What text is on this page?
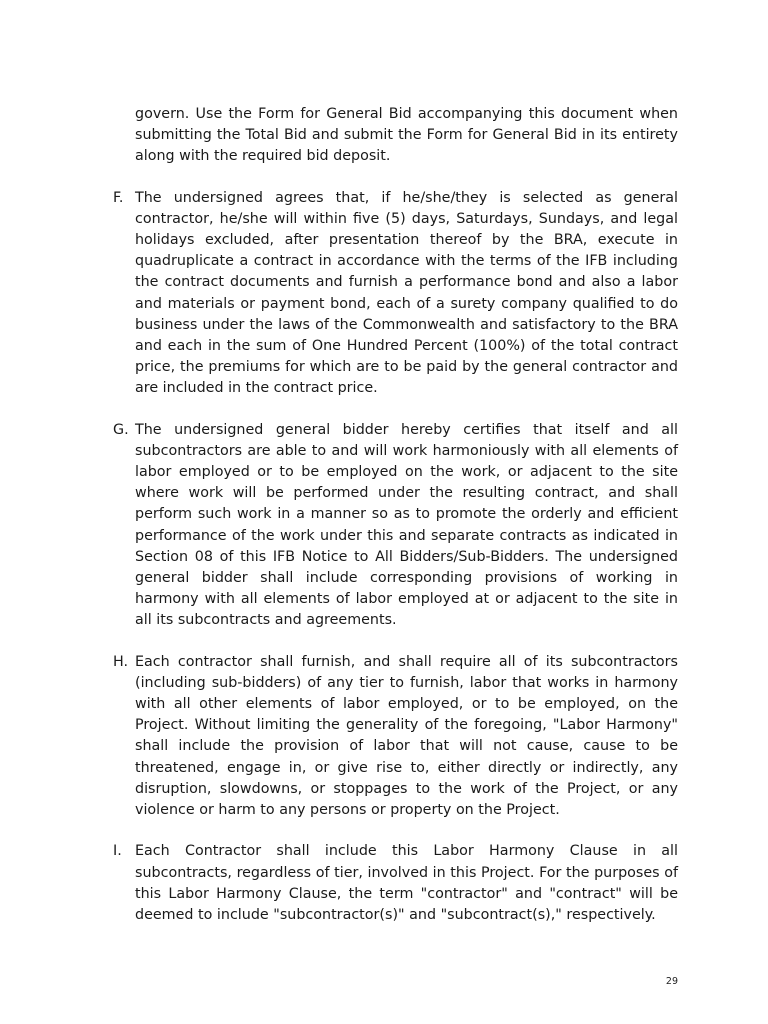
govern. Use the Form for General Bid accompanying this document when submitting the Total Bid and submit the Form for General Bid in its entirety along with the required bid deposit.
F. The undersigned agrees that, if he/she/they is selected as general contractor, he/she will within five (5) days, Saturdays, Sundays, and legal holidays excluded, after presentation thereof by the BRA, execute in quadruplicate a contract in accordance with the terms of the IFB including the contract documents and furnish a performance bond and also a labor and materials or payment bond, each of a surety company qualified to do business under the laws of the Commonwealth and satisfactory to the BRA and each in the sum of One Hundred Percent (100%) of the total contract price, the premiums for which are to be paid by the general contractor and are included in the contract price.
G. The undersigned general bidder hereby certifies that itself and all subcontractors are able to and will work harmoniously with all elements of labor employed or to be employed on the work, or adjacent to the site where work will be performed under the resulting contract, and shall perform such work in a manner so as to promote the orderly and efficient performance of the work under this and separate contracts as indicated in Section 08 of this IFB Notice to All Bidders/Sub-Bidders. The undersigned general bidder shall include corresponding provisions of working in harmony with all elements of labor employed at or adjacent to the site in all its subcontracts and agreements.
H. Each contractor shall furnish, and shall require all of its subcontractors (including sub-bidders) of any tier to furnish, labor that works in harmony with all other elements of labor employed, or to be employed, on the Project. Without limiting the generality of the foregoing, "Labor Harmony" shall include the provision of labor that will not cause, cause to be threatened, engage in, or give rise to, either directly or indirectly, any disruption, slowdowns, or stoppages to the work of the Project, or any violence or harm to any persons or property on the Project.
I. Each Contractor shall include this Labor Harmony Clause in all subcontracts, regardless of tier, involved in this Project. For the purposes of this Labor Harmony Clause, the term "contractor" and "contract" will be deemed to include "subcontractor(s)" and "subcontract(s)," respectively.
29
